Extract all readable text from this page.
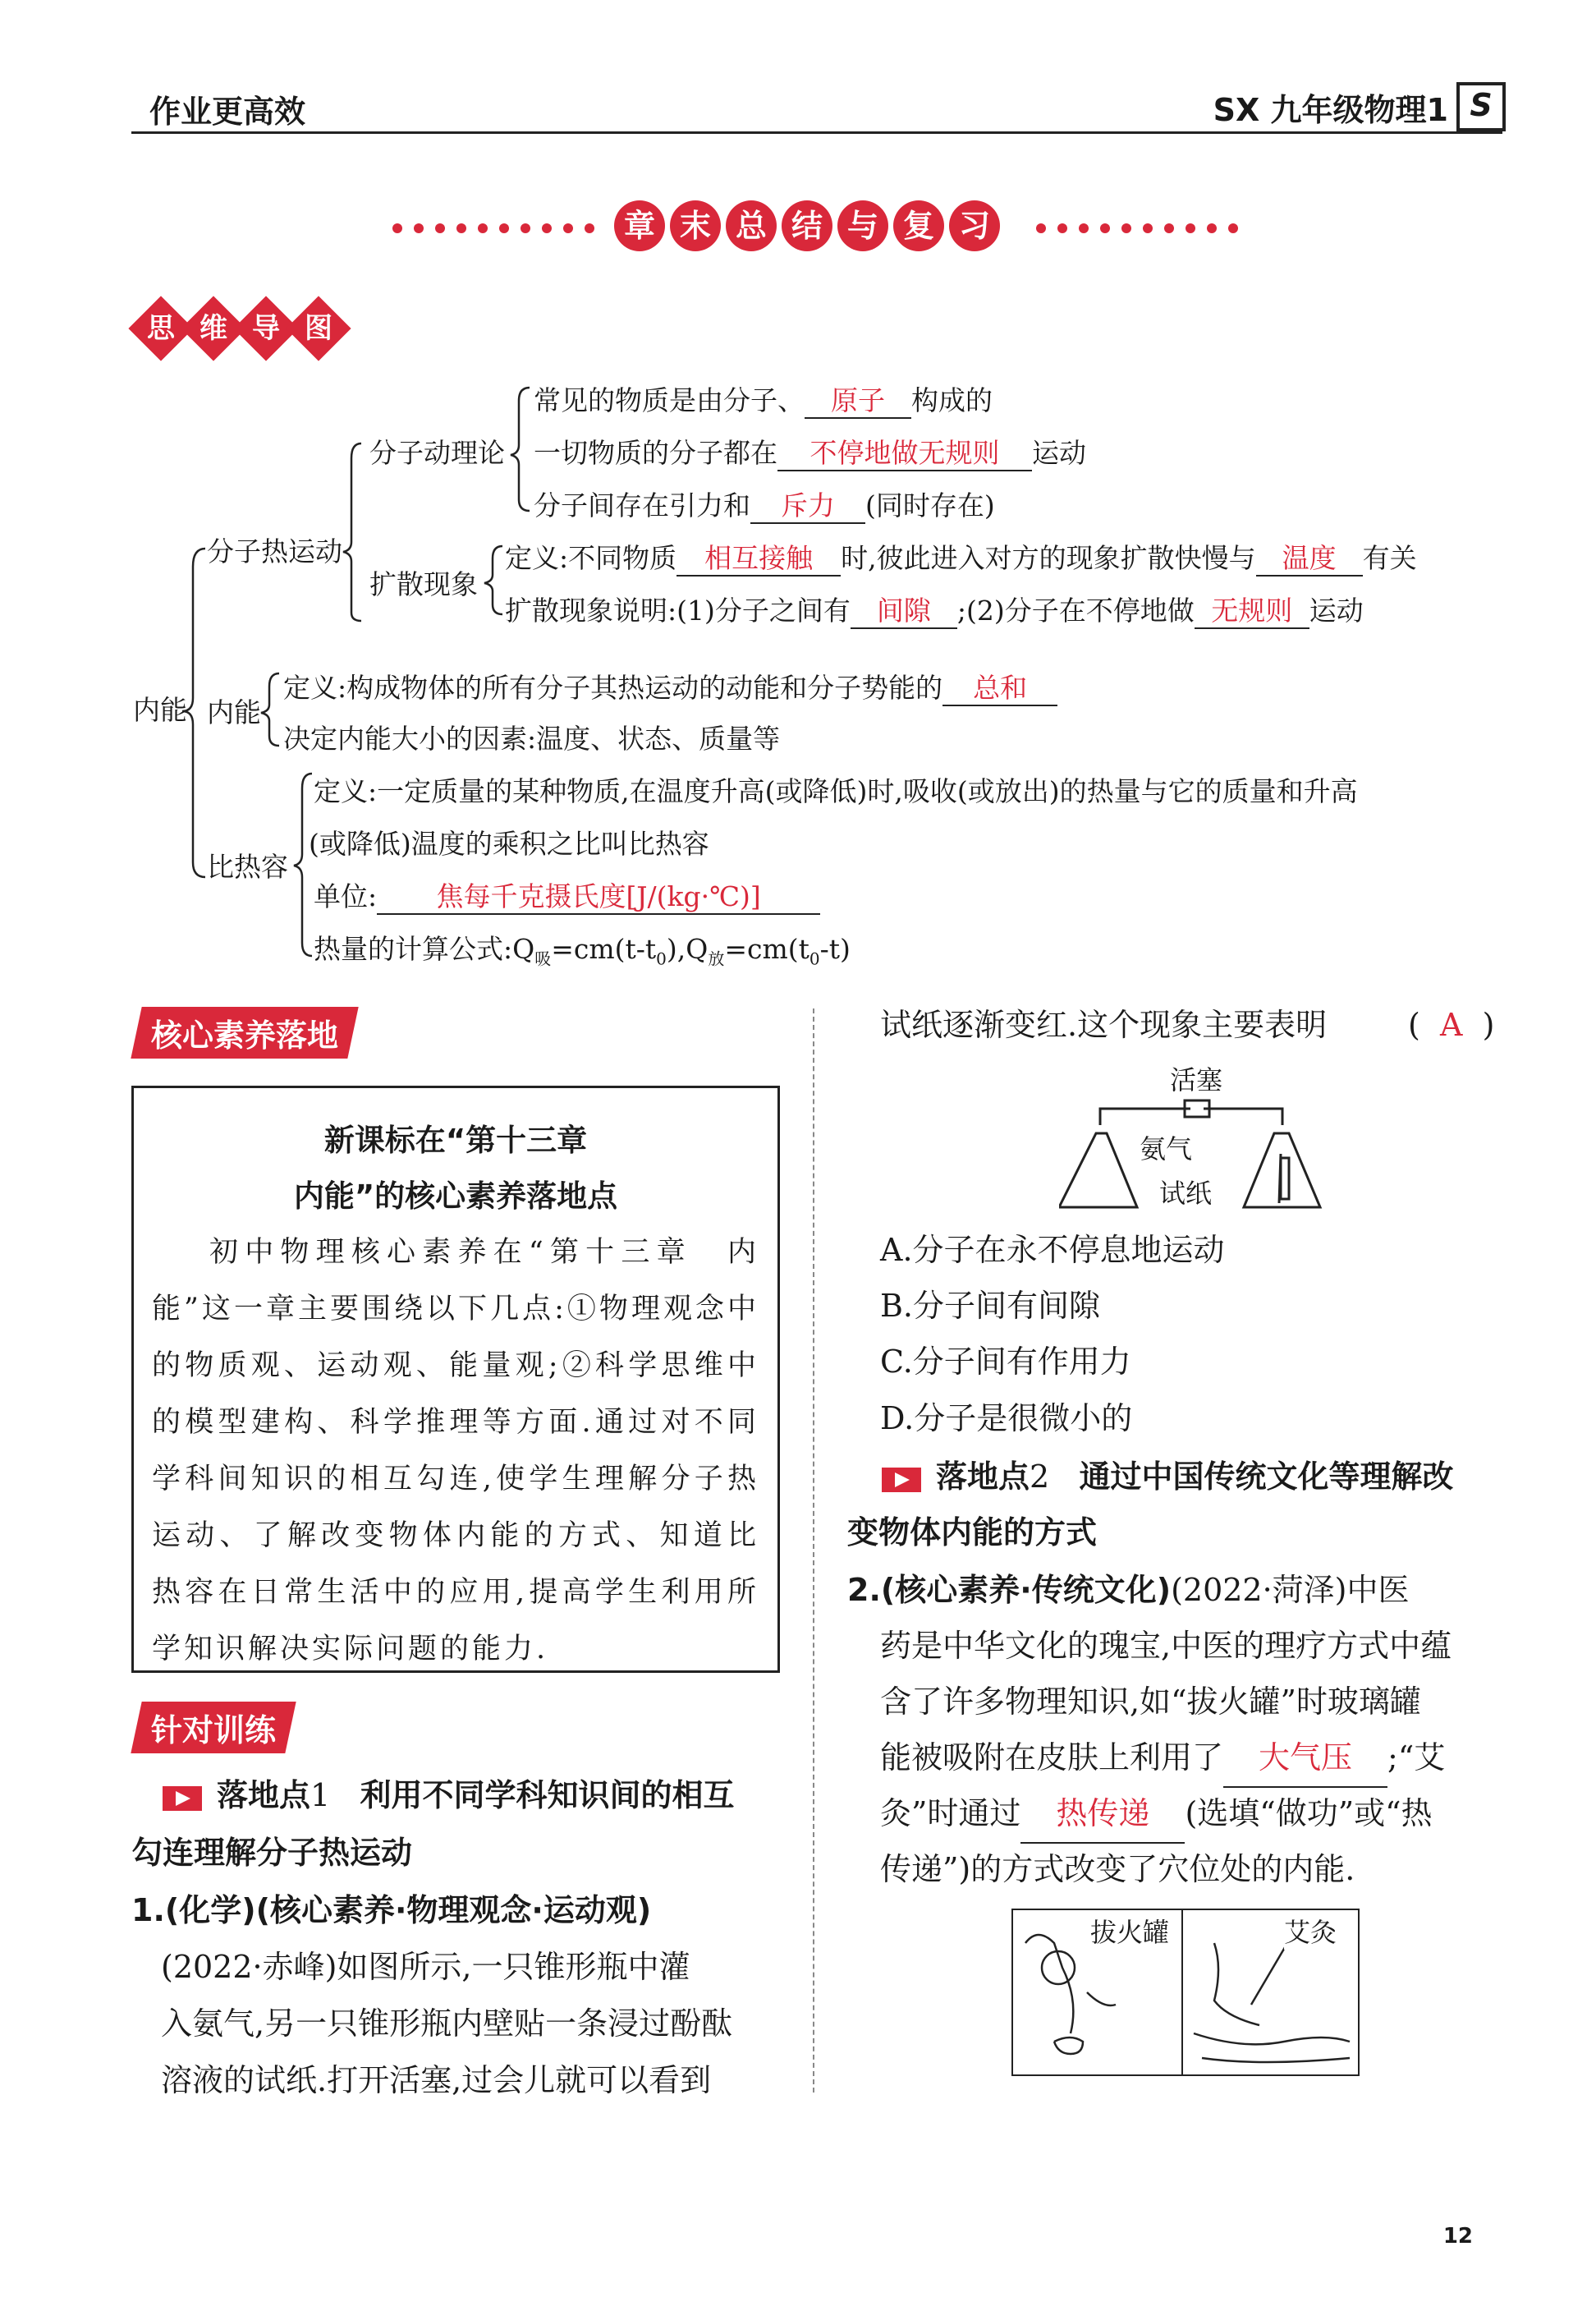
作业更高效	SX 九年级物理1 S
章 末 总 结 与 复 习
思 维 导 图
内能
分子热运动
分子动理论
常见的物质是由分子、 原子 构成的
一切物质的分子都在 不停地做无规则 运动
分子间存在引力和 斥力 (同时存在)
扩散现象
定义:不同物质 相互接触 时,彼此进入对方的现象扩散快慢与 温度 有关
扩散现象说明:(1)分子之间有 间隙 ;(2)分子在不停地做 无规则 运动
内能
定义:构成物体的所有分子其热运动的动能和分子势能的 总和
决定内能大小的因素:温度、状态、质量等
比热容
定义:一定质量的某种物质,在温度升高(或降低)时,吸收(或放出)的热量与它的质量和升高
(或降低)温度的乘积之比叫比热容
单位: 焦每千克摄氏度[J/(kg·℃)]
热量的计算公式$:Q_吸=cm(t-t_0),Q_放=cm(t_0-t)$
核心素养落地
新课标在“第十三章
内能”的核心素养落地点
初中物理核心素养在“第十三章　内能”这一章主要围绕以下几点:①物理观念中的物质观、运动观、能量观;②科学思维中的模型建构、科学推理等方面.通过对不同学科间知识的相互勾连,使学生理解分子热运动、了解改变物体内能的方式、知道比热容在日常生活中的应用,提高学生利用所学知识解决实际问题的能力.
针对训练
落地点1 利用不同学科知识间的相互
勾连理解分子热运动
1.(化学)(核心素养·物理观念·运动观)
(2022·赤峰)如图所示,一只锥形瓶中灌
入氨气,另一只锥形瓶内壁贴一条浸过酚酞
溶液的试纸.打开活塞,过会儿就可以看到
试纸逐渐变红.这个现象主要表明	(  A  )
活塞
氨气
试纸
A.分子在永不停息地运动
B.分子间有间隙
C.分子间有作用力
D.分子是很微小的
落地点2 通过中国传统文化等理解改
变物体内能的方式
2.(核心素养·传统文化)(2022·菏泽)中医
药是中华文化的瑰宝,中医的理疗方式中蕴
含了许多物理知识,如“拔火罐”时玻璃罐
能被吸附在皮肤上利用了 大气压 ;“艾
灸”时通过 热传递 (选填“做功”或“热
传递”)的方式改变了穴位处的内能.
拔火罐	艾灸
12
